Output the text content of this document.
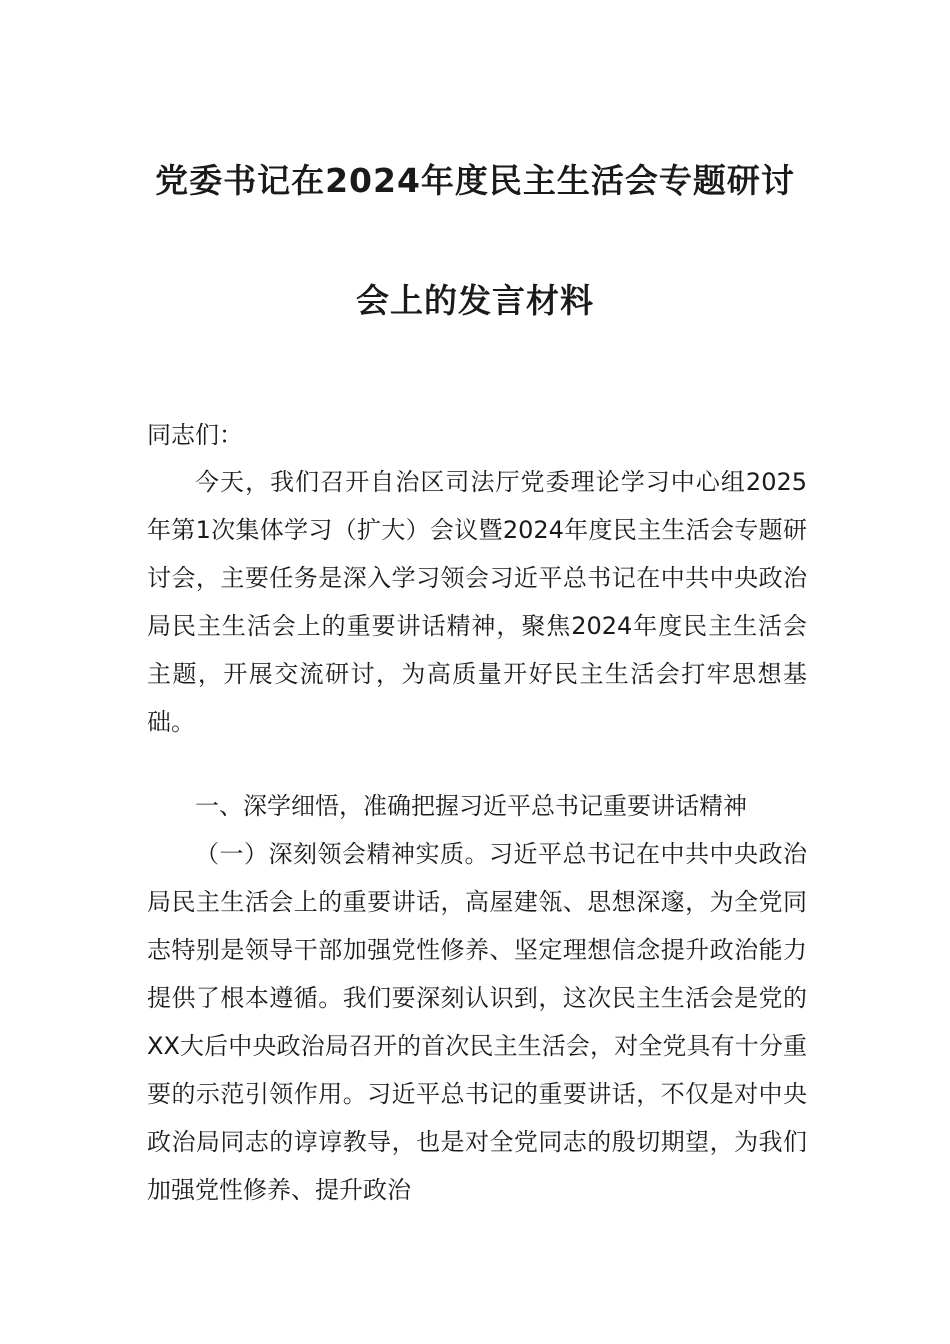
党委书记在2024年度民主生活会专题研讨
会上的发言材料
同志们：

今天，我们召开自治区司法厅党委理论学习中心组2025年第1次集体学习（扩大）会议暨2024年度民主生活会专题研讨会，主要任务是深入学习领会习近平总书记在中共中央政治局民主生活会上的重要讲话精神，聚焦2024年度民主生活会主题，开展交流研讨，为高质量开好民主生活会打牢思想基础。

一、深学细悟，准确把握习近平总书记重要讲话精神

（一）深刻领会精神实质。习近平总书记在中共中央政治局民主生活会上的重要讲话，高屋建瓴、思想深邃，为全党同志特别是领导干部加强党性修养、坚定理想信念提升政治能力提供了根本遵循。我们要深刻认识到，这次民主生活会是党的XX大后中央政治局召开的首次民主生活会，对全党具有十分重要的示范引领作用。习近平总书记的重要讲话，不仅是对中央政治局同志的谆谆教导，也是对全党同志的殷切期望，为我们加强党性修养、提升政治
